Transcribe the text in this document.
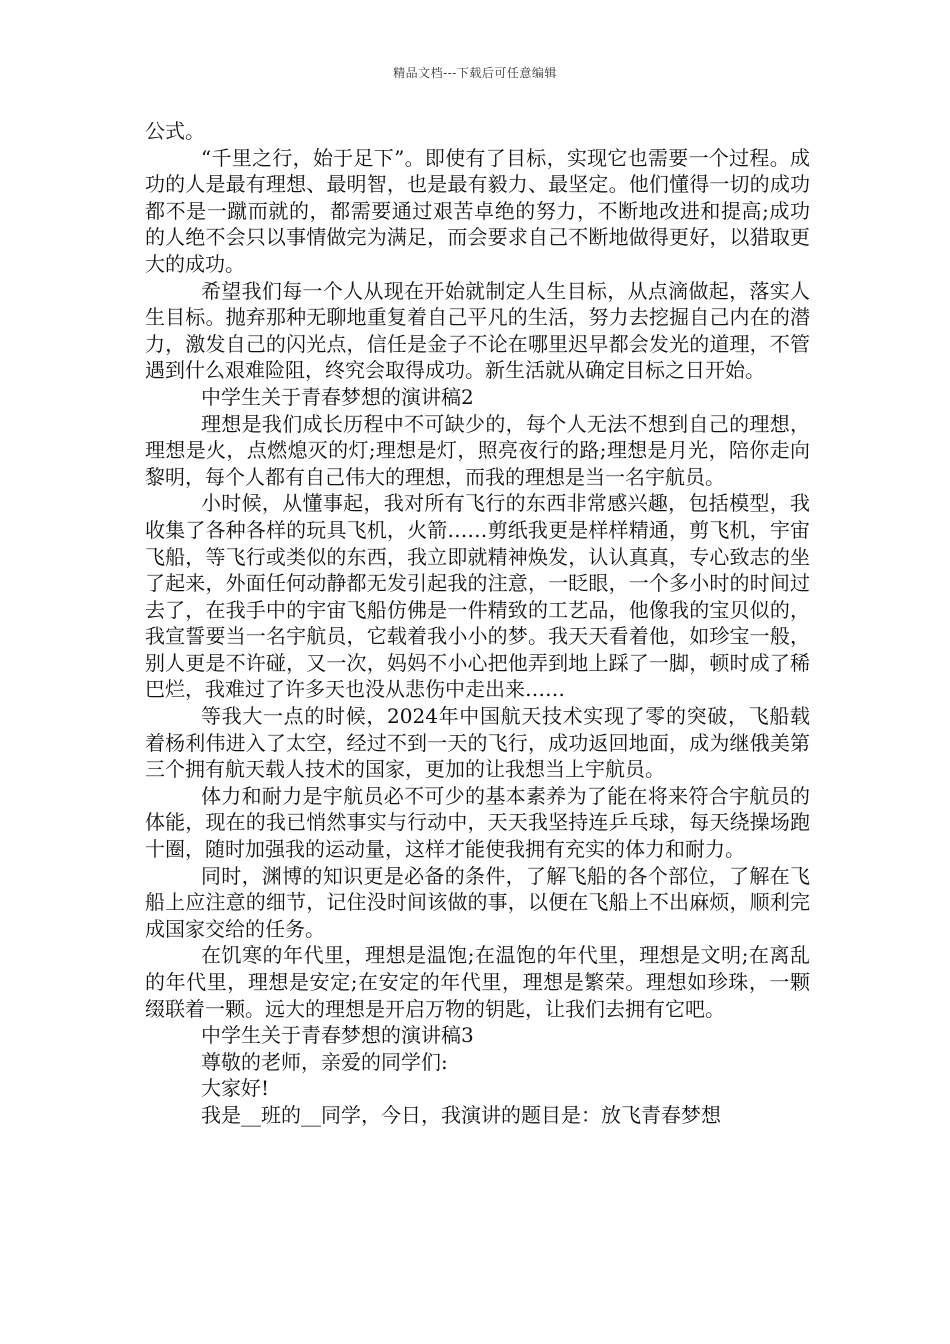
精品文档---下载后可任意编辑

公式。

“千里之行，始于足下”。即使有了目标，实现它也需要一个过程。成功的人是最有理想、最明智，也是最有毅力、最坚定。他们懂得一切的成功都不是一蹴而就的，都需要通过艰苦卓绝的努力，不断地改进和提高;成功的人绝不会只以事情做完为满足，而会要求自己不断地做得更好，以猎取更大的成功。

希望我们每一个人从现在开始就制定人生目标，从点滴做起，落实人生目标。抛弃那种无聊地重复着自己平凡的生活，努力去挖掘自己内在的潜力，激发自己的闪光点，信任是金子不论在哪里迟早都会发光的道理，不管遇到什么艰难险阻，终究会取得成功。新生活就从确定目标之日开始。

中学生关于青春梦想的演讲稿2

理想是我们成长历程中不可缺少的，每个人无法不想到自己的理想，理想是火，点燃熄灭的灯;理想是灯，照亮夜行的路;理想是月光，陪你走向黎明，每个人都有自己伟大的理想，而我的理想是当一名宇航员。

小时候，从懂事起，我对所有飞行的东西非常感兴趣，包括模型，我收集了各种各样的玩具飞机，火箭……剪纸我更是样样精通，剪飞机，宇宙飞船，等飞行或类似的东西，我立即就精神焕发，认认真真，专心致志的坐了起来，外面任何动静都无发引起我的注意，一眨眼，一个多小时的时间过去了，在我手中的宇宙飞船仿佛是一件精致的工艺品，他像我的宝贝似的，我宣誓要当一名宇航员，它载着我小小的梦。我天天看着他，如珍宝一般，别人更是不许碰，又一次，妈妈不小心把他弄到地上踩了一脚，顿时成了稀巴烂，我难过了许多天也没从悲伤中走出来……

等我大一点的时候，2024年中国航天技术实现了零的突破，飞船载着杨利伟进入了太空，经过不到一天的飞行，成功返回地面，成为继俄美第三个拥有航天载人技术的国家，更加的让我想当上宇航员。

体力和耐力是宇航员必不可少的基本素养为了能在将来符合宇航员的体能，现在的我已悄然事实与行动中，天天我坚持连乒乓球，每天绕操场跑十圈，随时加强我的运动量，这样才能使我拥有充实的体力和耐力。

同时，渊博的知识更是必备的条件，了解飞船的各个部位，了解在飞船上应注意的细节，记住没时间该做的事，以便在飞船上不出麻烦，顺利完成国家交给的任务。

在饥寒的年代里，理想是温饱;在温饱的年代里，理想是文明;在离乱的年代里，理想是安定;在安定的年代里，理想是繁荣。理想如珍珠，一颗缀联着一颗。远大的理想是开启万物的钥匙，让我们去拥有它吧。

中学生关于青春梦想的演讲稿3

尊敬的老师，亲爱的同学们:

大家好!

我是__班的__同学，今日，我演讲的题目是：放飞青春梦想
